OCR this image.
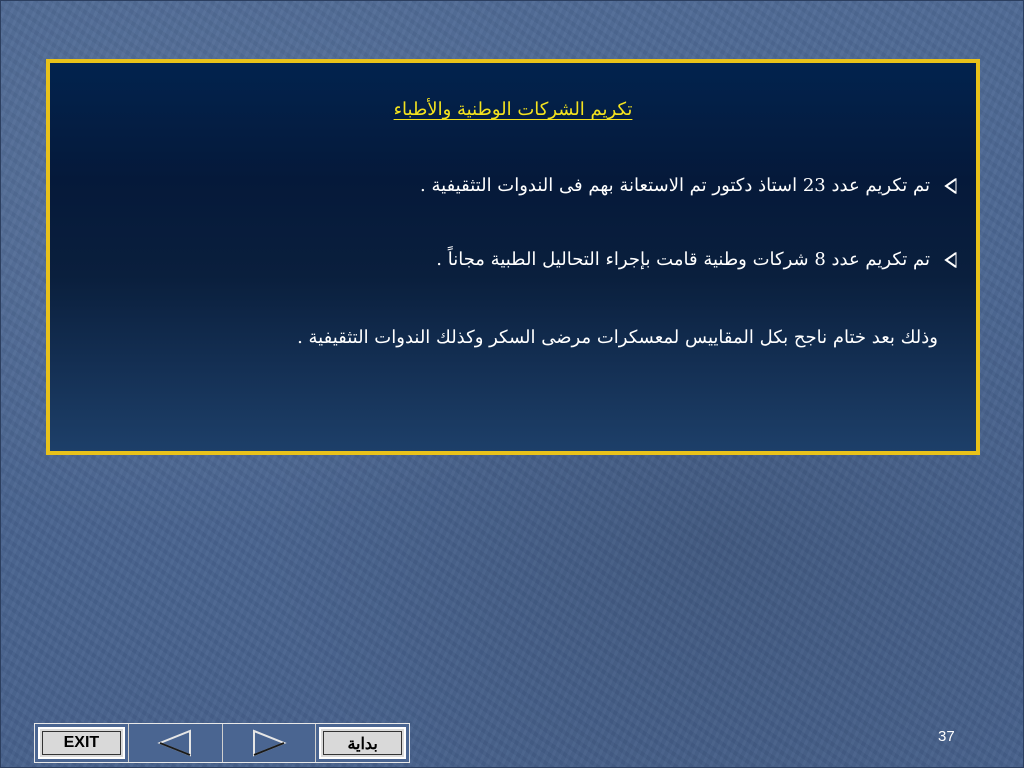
تكريم الشركات الوطنية والأطباء
تم تكريم عدد 23 استاذ دكتور تم الاستعانة بهم فى الندوات التثقيفية .
تم تكريم عدد 8 شركات وطنية قامت بإجراء التحاليل الطبية مجاناً .
وذلك بعد ختام ناجح بكل المقاييس لمعسكرات مرضى السكر وكذلك الندوات التثقيفية .
37
EXIT	بداية
